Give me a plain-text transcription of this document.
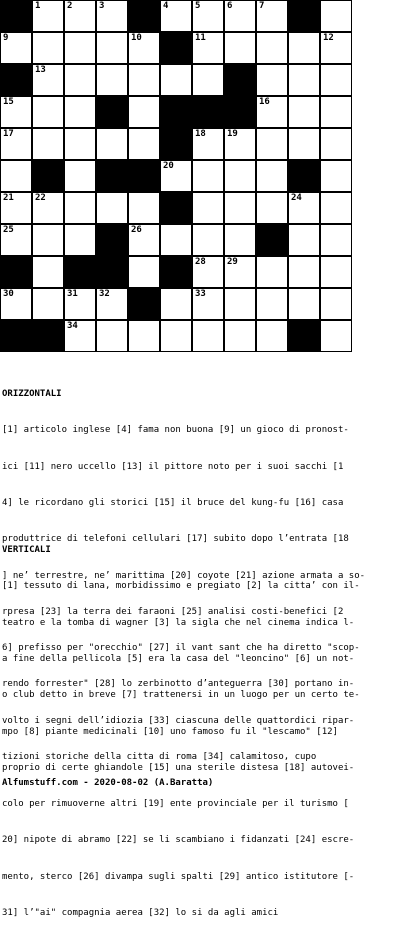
1	2	3	4	5	6	7
9	10	11	12
13
15	16
17	18 19
20
21 22	24
25	26
28 29
30	31 32	33
34

ORIZZONTALI

[1] articolo inglese [4] fama non buona [9] un gioco di pronost-

ici [11] nero uccello [13] il pittore noto per i suoi sacchi [1

4] le ricordano gli storici [15] il bruce del kung-fu [16] casa

produttrice di telefoni cellulari [17] subito dopo l’entrata [18

] ne’ terrestre, ne’ marittima [20] coyote [21] azione armata a so-

rpresa [23] la terra dei faraoni [25] analisi costi-benefici [2

6] prefisso per "orecchio" [27] il vant sant che ha diretto "scop-

rendo forrester" [28] lo zerbinotto d’anteguerra [30] portano in-

volto i segni dell’idiozia [33] ciascuna delle quattordici ripar-

tizioni storiche della citta di roma [34] calamitoso, cupo

VERTICALI

[1] tessuto di lana, morbidissimo e pregiato [2] la citta’ con il-

teatro e la tomba di wagner [3] la sigla che nel cinema indica l-

a fine della pellicola [5] era la casa del "leoncino" [6] un not-

o club detto in breve [7] trattenersi in un luogo per un certo te-

mpo [8] piante medicinali [10] uno famoso fu il "lescamo" [12]

proprio di certe ghiandole [15] una sterile distesa [18] autovei-

colo per rimuoverne altri [19] ente provinciale per il turismo [

20] nipote di abramo [22] se li scambiano i fidanzati [24] escre-

mento, sterco [26] divampa sugli spalti [29] antico istitutore [-

31] l’"ai" compagnia aerea [32] lo si da agli amici

Alfumstuff.com - 2020-08-02 (A.Baratta)
